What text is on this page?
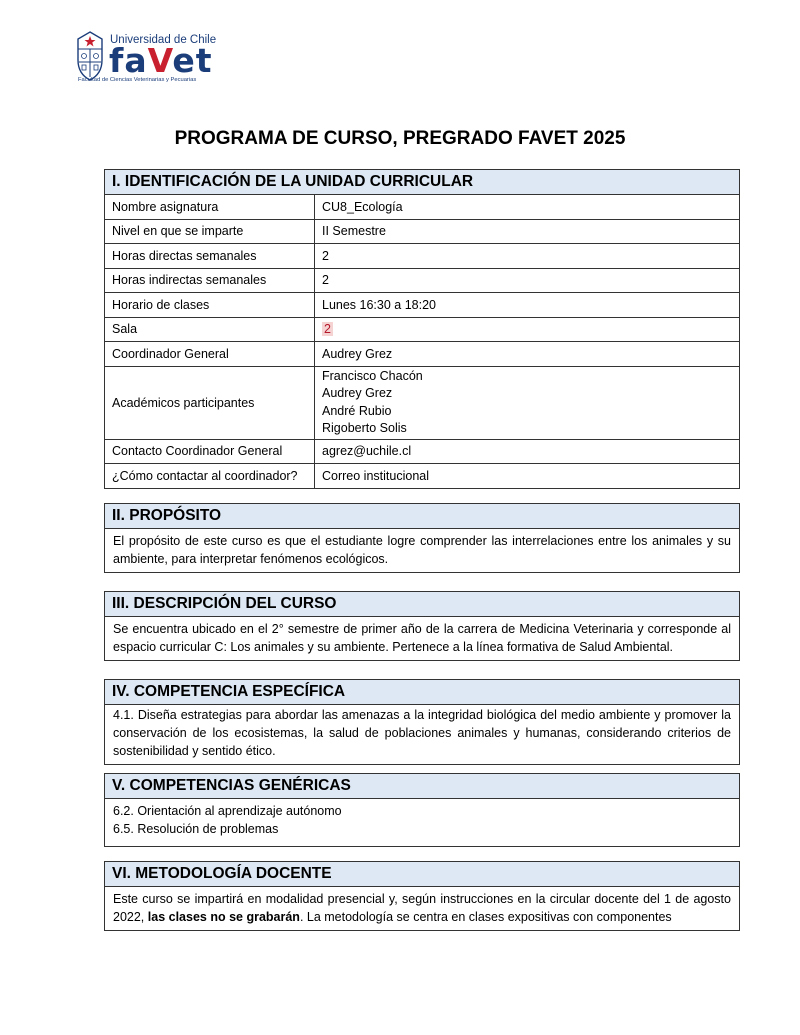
Universidad de Chile
faVet
Facultad de Ciencias Veterinarias y Pecuarias
PROGRAMA DE CURSO, PREGRADO FAVET 2025
I. IDENTIFICACIÓN DE LA UNIDAD CURRICULAR
Nombre asignatura	CU8_Ecología
Nivel en que se imparte	II Semestre
Horas directas semanales	2
Horas indirectas semanales	2
Horario de clases	Lunes 16:30 a 18:20
Sala	2
Coordinador General	Audrey Grez
Académicos participantes	Francisco Chacón
Audrey Grez
André Rubio
Rigoberto Solis

Contacto Coordinador General	agrez@uchile.cl
¿Cómo contactar al coordinador?	Correo institucional
II. PROPÓSITO
El propósito de este curso es que el estudiante logre comprender las interrelaciones entre los animales y su ambiente, para interpretar fenómenos ecológicos.
III. DESCRIPCIÓN DEL CURSO
Se encuentra ubicado en el 2° semestre de primer año de la carrera de Medicina Veterinaria y corresponde al espacio curricular C: Los animales y su ambiente. Pertenece a la línea formativa de Salud Ambiental.
IV. COMPETENCIA ESPECÍFICA
4.1. Diseña estrategias para abordar las amenazas a la integridad biológica del medio ambiente y promover la conservación de los ecosistemas, la salud de poblaciones animales y humanas, considerando criterios de sostenibilidad y sentido ético.
V. COMPETENCIAS GENÉRICAS
6.2. Orientación al aprendizaje autónomo
6.5. Resolución de problemas
VI. METODOLOGÍA DOCENTE
Este curso se impartirá en modalidad presencial y, según instrucciones en la circular docente del 1 de agosto 2022, las clases no se grabarán. La metodología se centra en clases expositivas con componentes
